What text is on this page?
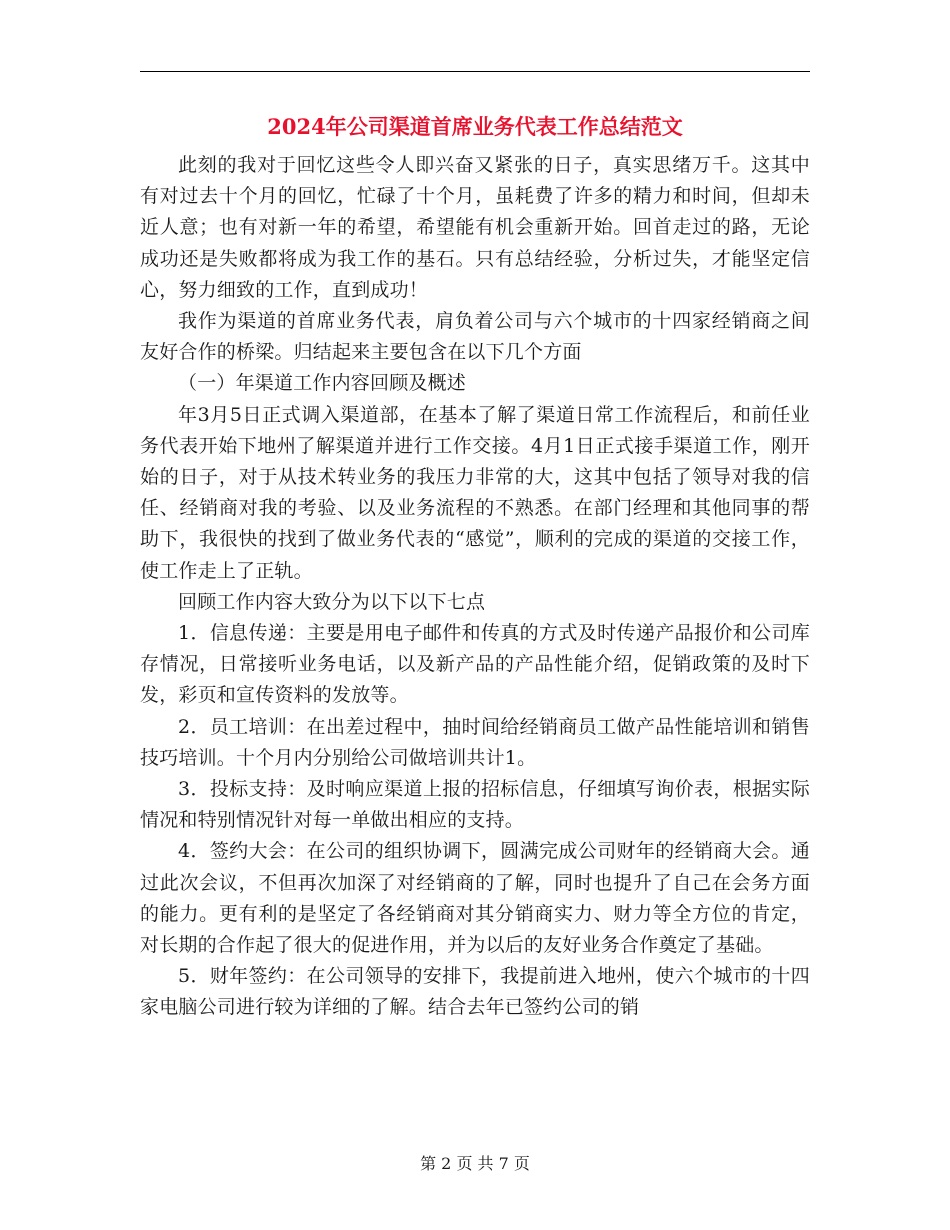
2024年公司渠道首席业务代表工作总结范文

此刻的我对于回忆这些令人即兴奋又紧张的日子，真实思绪万千。这其中有对过去十个月的回忆，忙碌了十个月，虽耗费了许多的精力和时间，但却未近人意；也有对新一年的希望，希望能有机会重新开始。回首走过的路，无论成功还是失败都将成为我工作的基石。只有总结经验，分析过失，才能坚定信心，努力细致的工作，直到成功！

我作为渠道的首席业务代表，肩负着公司与六个城市的十四家经销商之间友好合作的桥梁。归结起来主要包含在以下几个方面

（一）年渠道工作内容回顾及概述

年3月5日正式调入渠道部，在基本了解了渠道日常工作流程后，和前任业务代表开始下地州了解渠道并进行工作交接。4月1日正式接手渠道工作，刚开始的日子，对于从技术转业务的我压力非常的大，这其中包括了领导对我的信任、经销商对我的考验、以及业务流程的不熟悉。在部门经理和其他同事的帮助下，我很快的找到了做业务代表的“感觉”，顺利的完成的渠道的交接工作，使工作走上了正轨。

回顾工作内容大致分为以下以下七点

1．信息传递：主要是用电子邮件和传真的方式及时传递产品报价和公司库存情况，日常接听业务电话，以及新产品的产品性能介绍，促销政策的及时下发，彩页和宣传资料的发放等。

2．员工培训：在出差过程中，抽时间给经销商员工做产品性能培训和销售技巧培训。十个月内分别给公司做培训共计1。

3．投标支持：及时响应渠道上报的招标信息，仔细填写询价表，根据实际情况和特别情况针对每一单做出相应的支持。

4．签约大会：在公司的组织协调下，圆满完成公司财年的经销商大会。通过此次会议，不但再次加深了对经销商的了解，同时也提升了自己在会务方面的能力。更有利的是坚定了各经销商对其分销商实力、财力等全方位的肯定，对长期的合作起了很大的促进作用，并为以后的友好业务合作奠定了基础。

5．财年签约：在公司领导的安排下，我提前进入地州，使六个城市的十四家电脑公司进行较为详细的了解。结合去年已签约公司的销

第 2 页 共 7 页
